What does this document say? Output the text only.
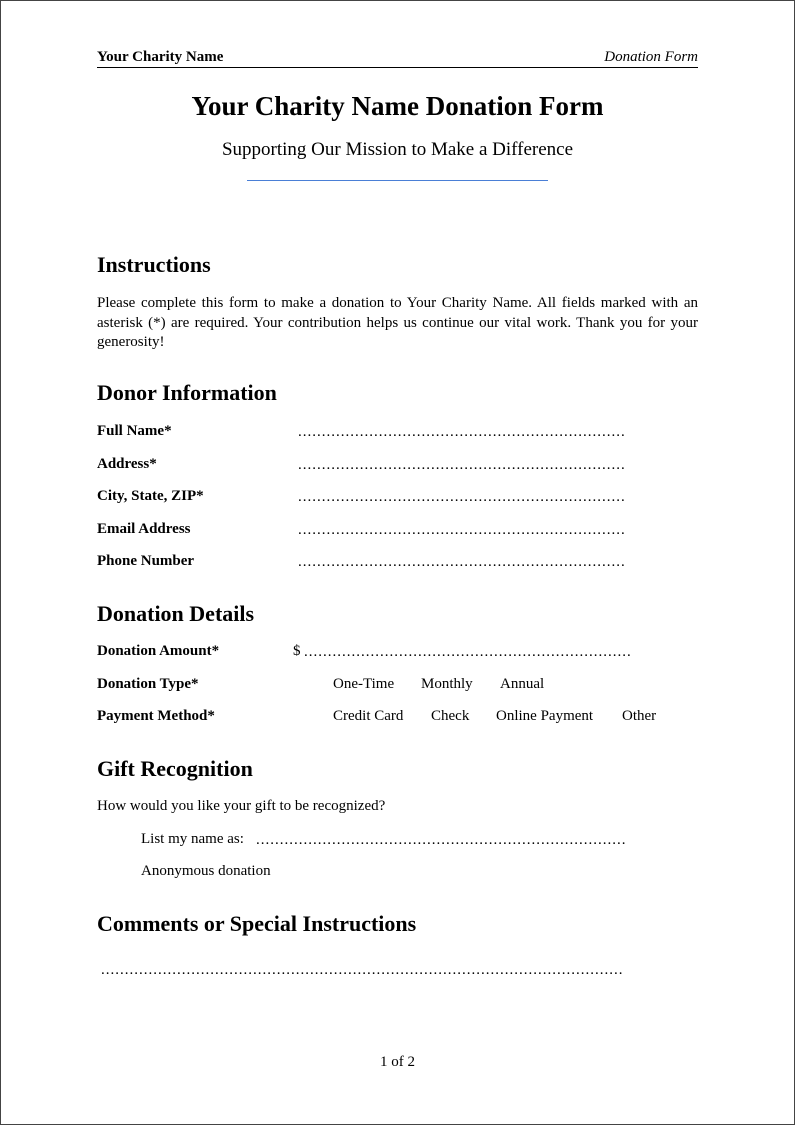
Your Charity Name	Donation Form
Your Charity Name Donation Form
Supporting Our Mission to Make a Difference
Instructions
Please complete this form to make a donation to Your Charity Name. All fields marked with an asterisk (*) are required. Your contribution helps us continue our vital work. Thank you for your generosity!
Donor Information
Full Name*	.....................................................................
Address*	.....................................................................
City, State, ZIP*	.....................................................................
Email Address	.....................................................................
Phone Number	.....................................................................
Donation Details
Donation Amount*	$ .....................................................................
Donation Type*	One-Time Monthly Annual
Payment Method*	Credit Card Check Online Payment Other
Gift Recognition
How would you like your gift to be recognized?
List my name as: ..............................................................................
Anonymous donation
Comments or Special Instructions
..............................................................................................................
1 of 2
